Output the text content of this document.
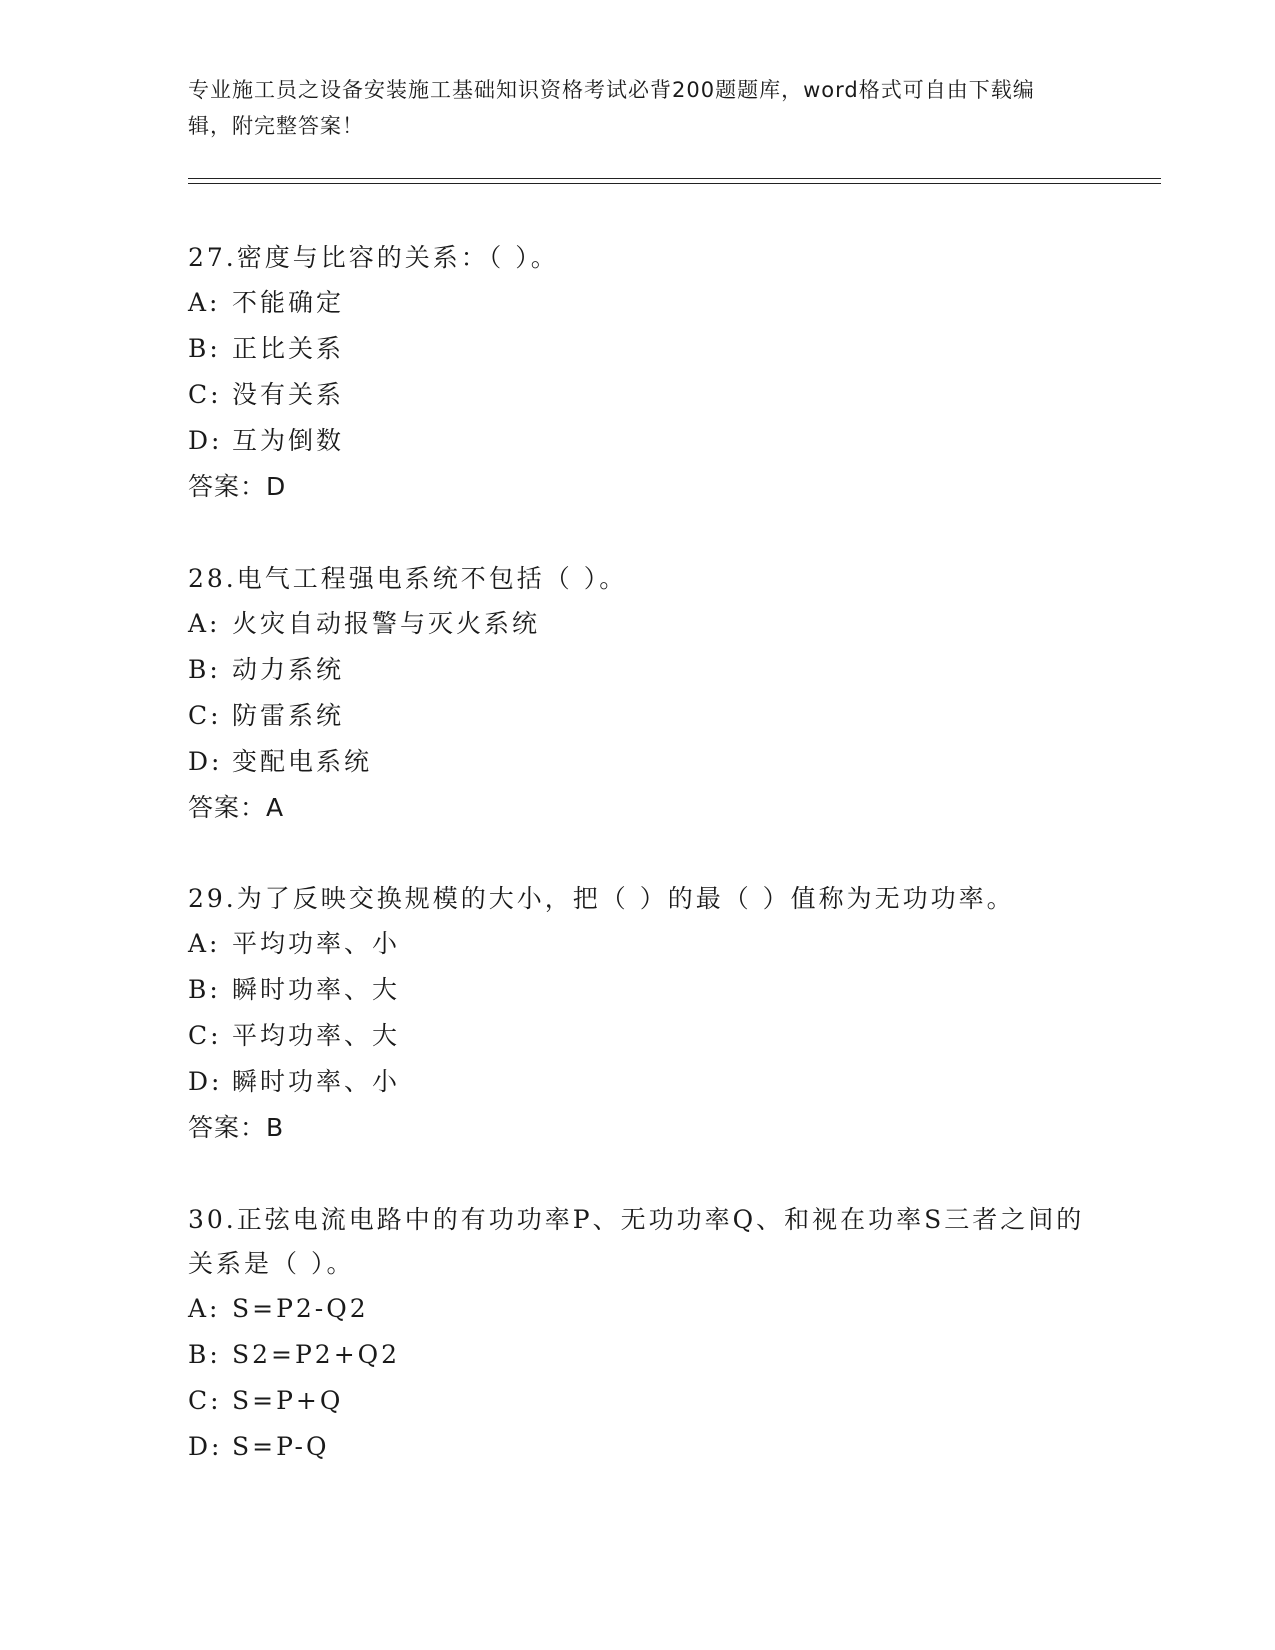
专业施工员之设备安装施工基础知识资格考试必背200题题库，word格式可自由下载编辑，附完整答案！

27.密度与比容的关系：（ ）。

A: 不能确定

B: 正比关系

C: 没有关系

D: 互为倒数

答案：D

28.电气工程强电系统不包括（ ）。

A: 火灾自动报警与灭火系统

B: 动力系统

C: 防雷系统

D: 变配电系统

答案：A

29.为了反映交换规模的大小，把（ ）的最（ ）值称为无功功率。

A: 平均功率、小

B: 瞬时功率、大

C: 平均功率、大

D: 瞬时功率、小

答案：B

30.正弦电流电路中的有功功率P、无功功率Q、和视在功率S三者之间的关系是（ ）。

A: S=P2-Q2

B: S2=P2+Q2

C: S=P+Q

D: S=P-Q
